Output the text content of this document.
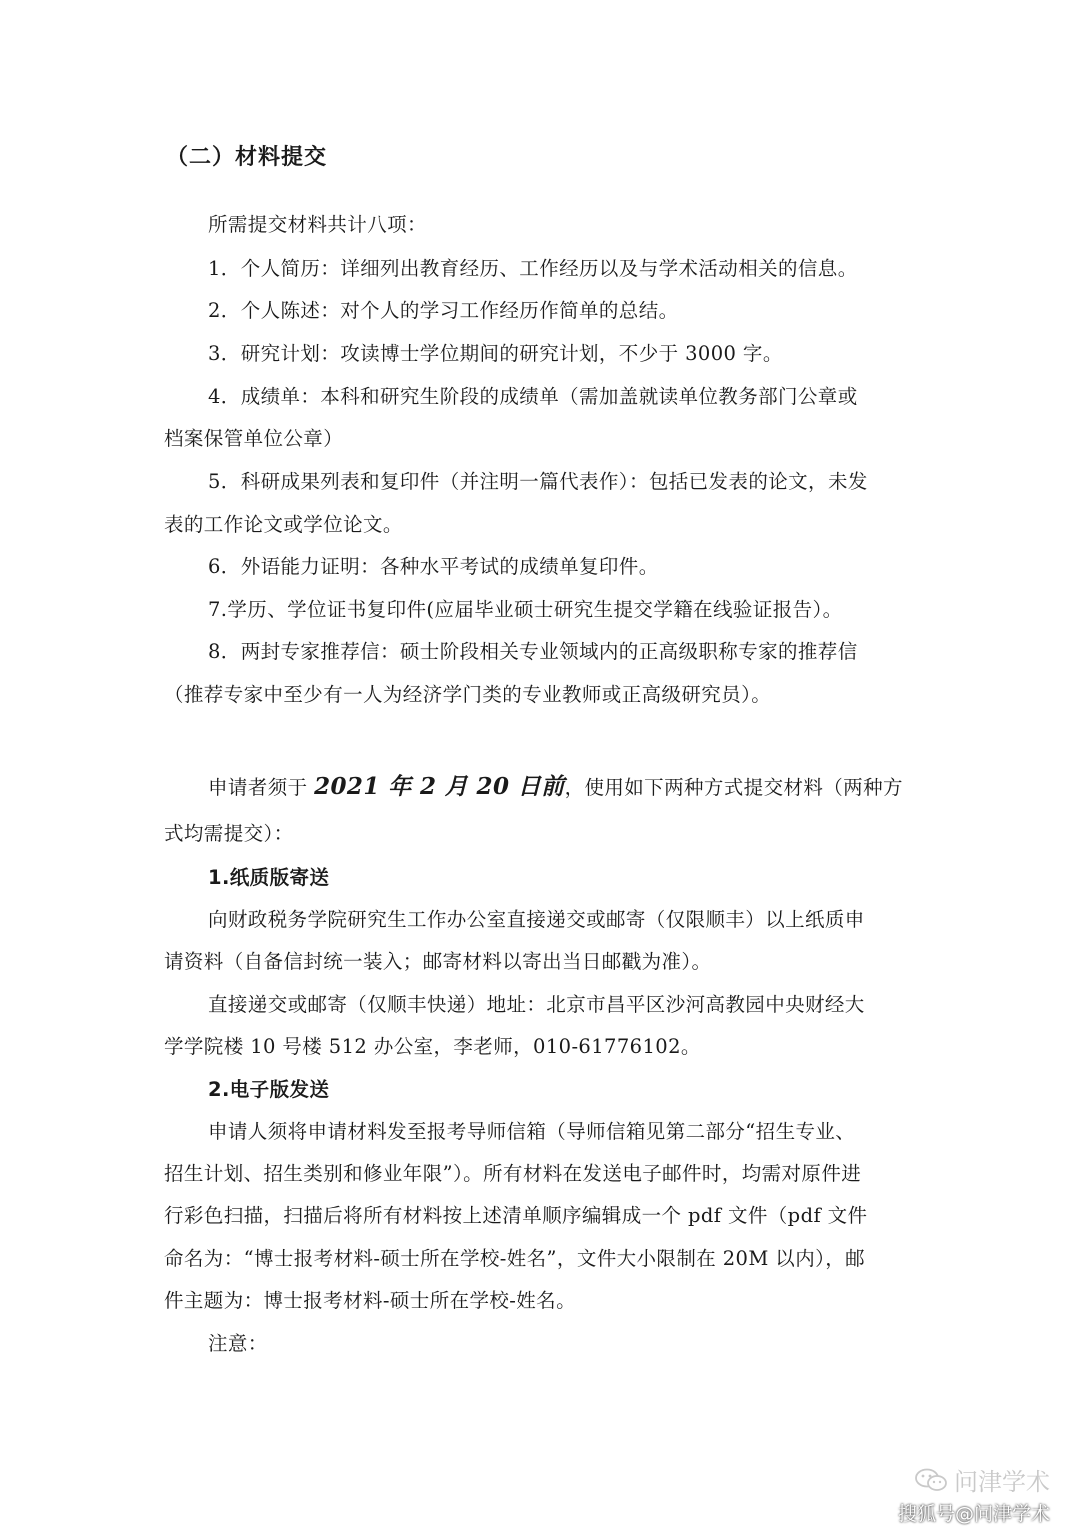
（二）材料提交
所需提交材料共计八项：
1．个人简历：详细列出教育经历、工作经历以及与学术活动相关的信息。
2．个人陈述：对个人的学习工作经历作简单的总结。
3．研究计划：攻读博士学位期间的研究计划，不少于 3000 字。
4．成绩单：本科和研究生阶段的成绩单（需加盖就读单位教务部门公章或
档案保管单位公章）
5．科研成果列表和复印件（并注明一篇代表作）：包括已发表的论文，未发
表的工作论文或学位论文。
6．外语能力证明：各种水平考试的成绩单复印件。
7.学历、学位证书复印件(应届毕业硕士研究生提交学籍在线验证报告）。
8．两封专家推荐信：硕士阶段相关专业领域内的正高级职称专家的推荐信
（推荐专家中至少有一人为经济学门类的专业教师或正高级研究员）。
申请者须于 2021 年 2 月 20 日前，使用如下两种方式提交材料（两种方
式均需提交）：
1.纸质版寄送
向财政税务学院研究生工作办公室直接递交或邮寄（仅限顺丰）以上纸质申
请资料（自备信封统一装入；邮寄材料以寄出当日邮戳为准）。
直接递交或邮寄（仅顺丰快递）地址：北京市昌平区沙河高教园中央财经大
学学院楼 10 号楼 512 办公室，李老师，010-61776102。
2.电子版发送
申请人须将申请材料发至报考导师信箱（导师信箱见第二部分“招生专业、
招生计划、招生类别和修业年限”）。所有材料在发送电子邮件时，均需对原件进
行彩色扫描，扫描后将所有材料按上述清单顺序编辑成一个 pdf 文件（pdf 文件
命名为：“博士报考材料-硕士所在学校-姓名”，文件大小限制在 20M 以内），邮
件主题为：博士报考材料-硕士所在学校-姓名。
注意：
问津学术
搜狐号@问津学术
